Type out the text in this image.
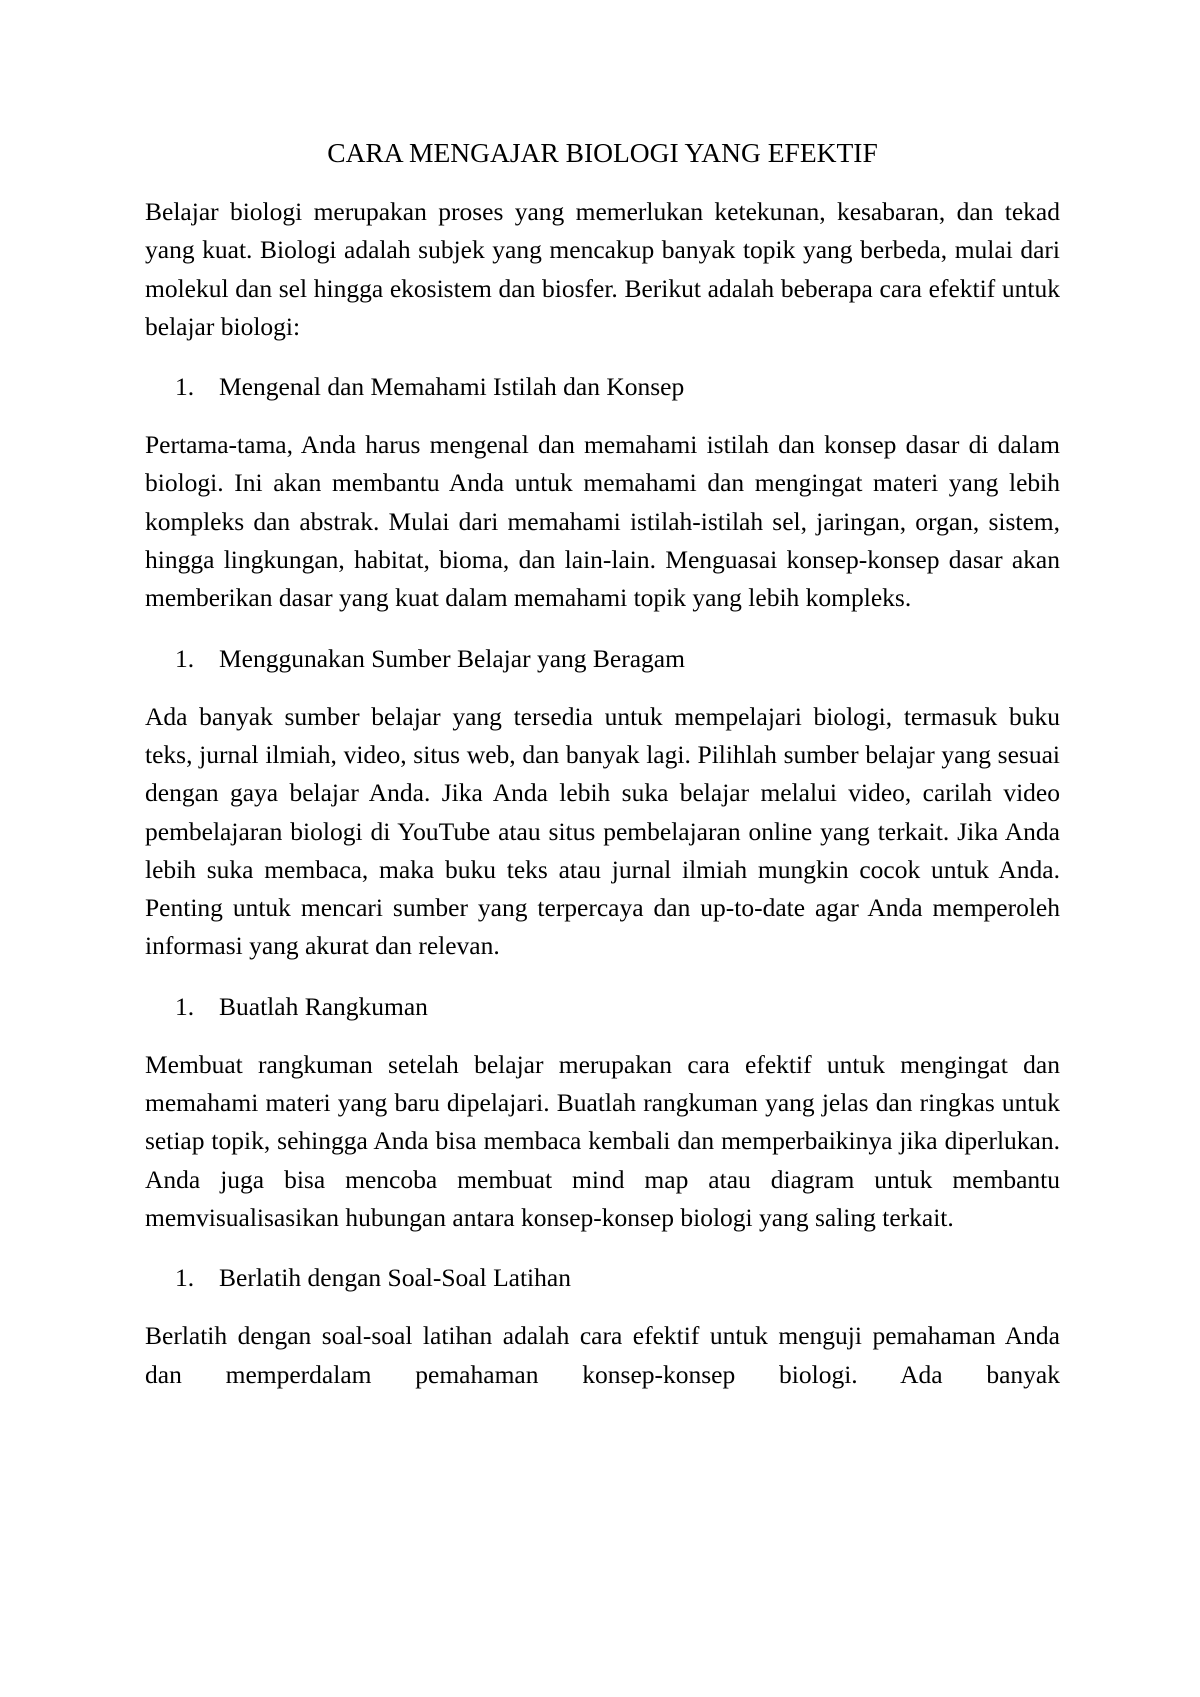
CARA MENGAJAR BIOLOGI YANG EFEKTIF

Belajar biologi merupakan proses yang memerlukan ketekunan, kesabaran, dan tekad yang kuat. Biologi adalah subjek yang mencakup banyak topik yang berbeda, mulai dari molekul dan sel hingga ekosistem dan biosfer. Berikut adalah beberapa cara efektif untuk belajar biologi:

1. Mengenal dan Memahami Istilah dan Konsep

Pertama-tama, Anda harus mengenal dan memahami istilah dan konsep dasar di dalam biologi. Ini akan membantu Anda untuk memahami dan mengingat materi yang lebih kompleks dan abstrak. Mulai dari memahami istilah-istilah sel, jaringan, organ, sistem, hingga lingkungan, habitat, bioma, dan lain-lain. Menguasai konsep-konsep dasar akan memberikan dasar yang kuat dalam memahami topik yang lebih kompleks.

1. Menggunakan Sumber Belajar yang Beragam

Ada banyak sumber belajar yang tersedia untuk mempelajari biologi, termasuk buku teks, jurnal ilmiah, video, situs web, dan banyak lagi. Pilihlah sumber belajar yang sesuai dengan gaya belajar Anda. Jika Anda lebih suka belajar melalui video, carilah video pembelajaran biologi di YouTube atau situs pembelajaran online yang terkait. Jika Anda lebih suka membaca, maka buku teks atau jurnal ilmiah mungkin cocok untuk Anda. Penting untuk mencari sumber yang terpercaya dan up-to-date agar Anda memperoleh informasi yang akurat dan relevan.

1. Buatlah Rangkuman

Membuat rangkuman setelah belajar merupakan cara efektif untuk mengingat dan memahami materi yang baru dipelajari. Buatlah rangkuman yang jelas dan ringkas untuk setiap topik, sehingga Anda bisa membaca kembali dan memperbaikinya jika diperlukan. Anda juga bisa mencoba membuat mind map atau diagram untuk membantu memvisualisasikan hubungan antara konsep-konsep biologi yang saling terkait.

1. Berlatih dengan Soal-Soal Latihan

Berlatih dengan soal-soal latihan adalah cara efektif untuk menguji pemahaman Anda dan memperdalam pemahaman konsep-konsep biologi. Ada banyak
